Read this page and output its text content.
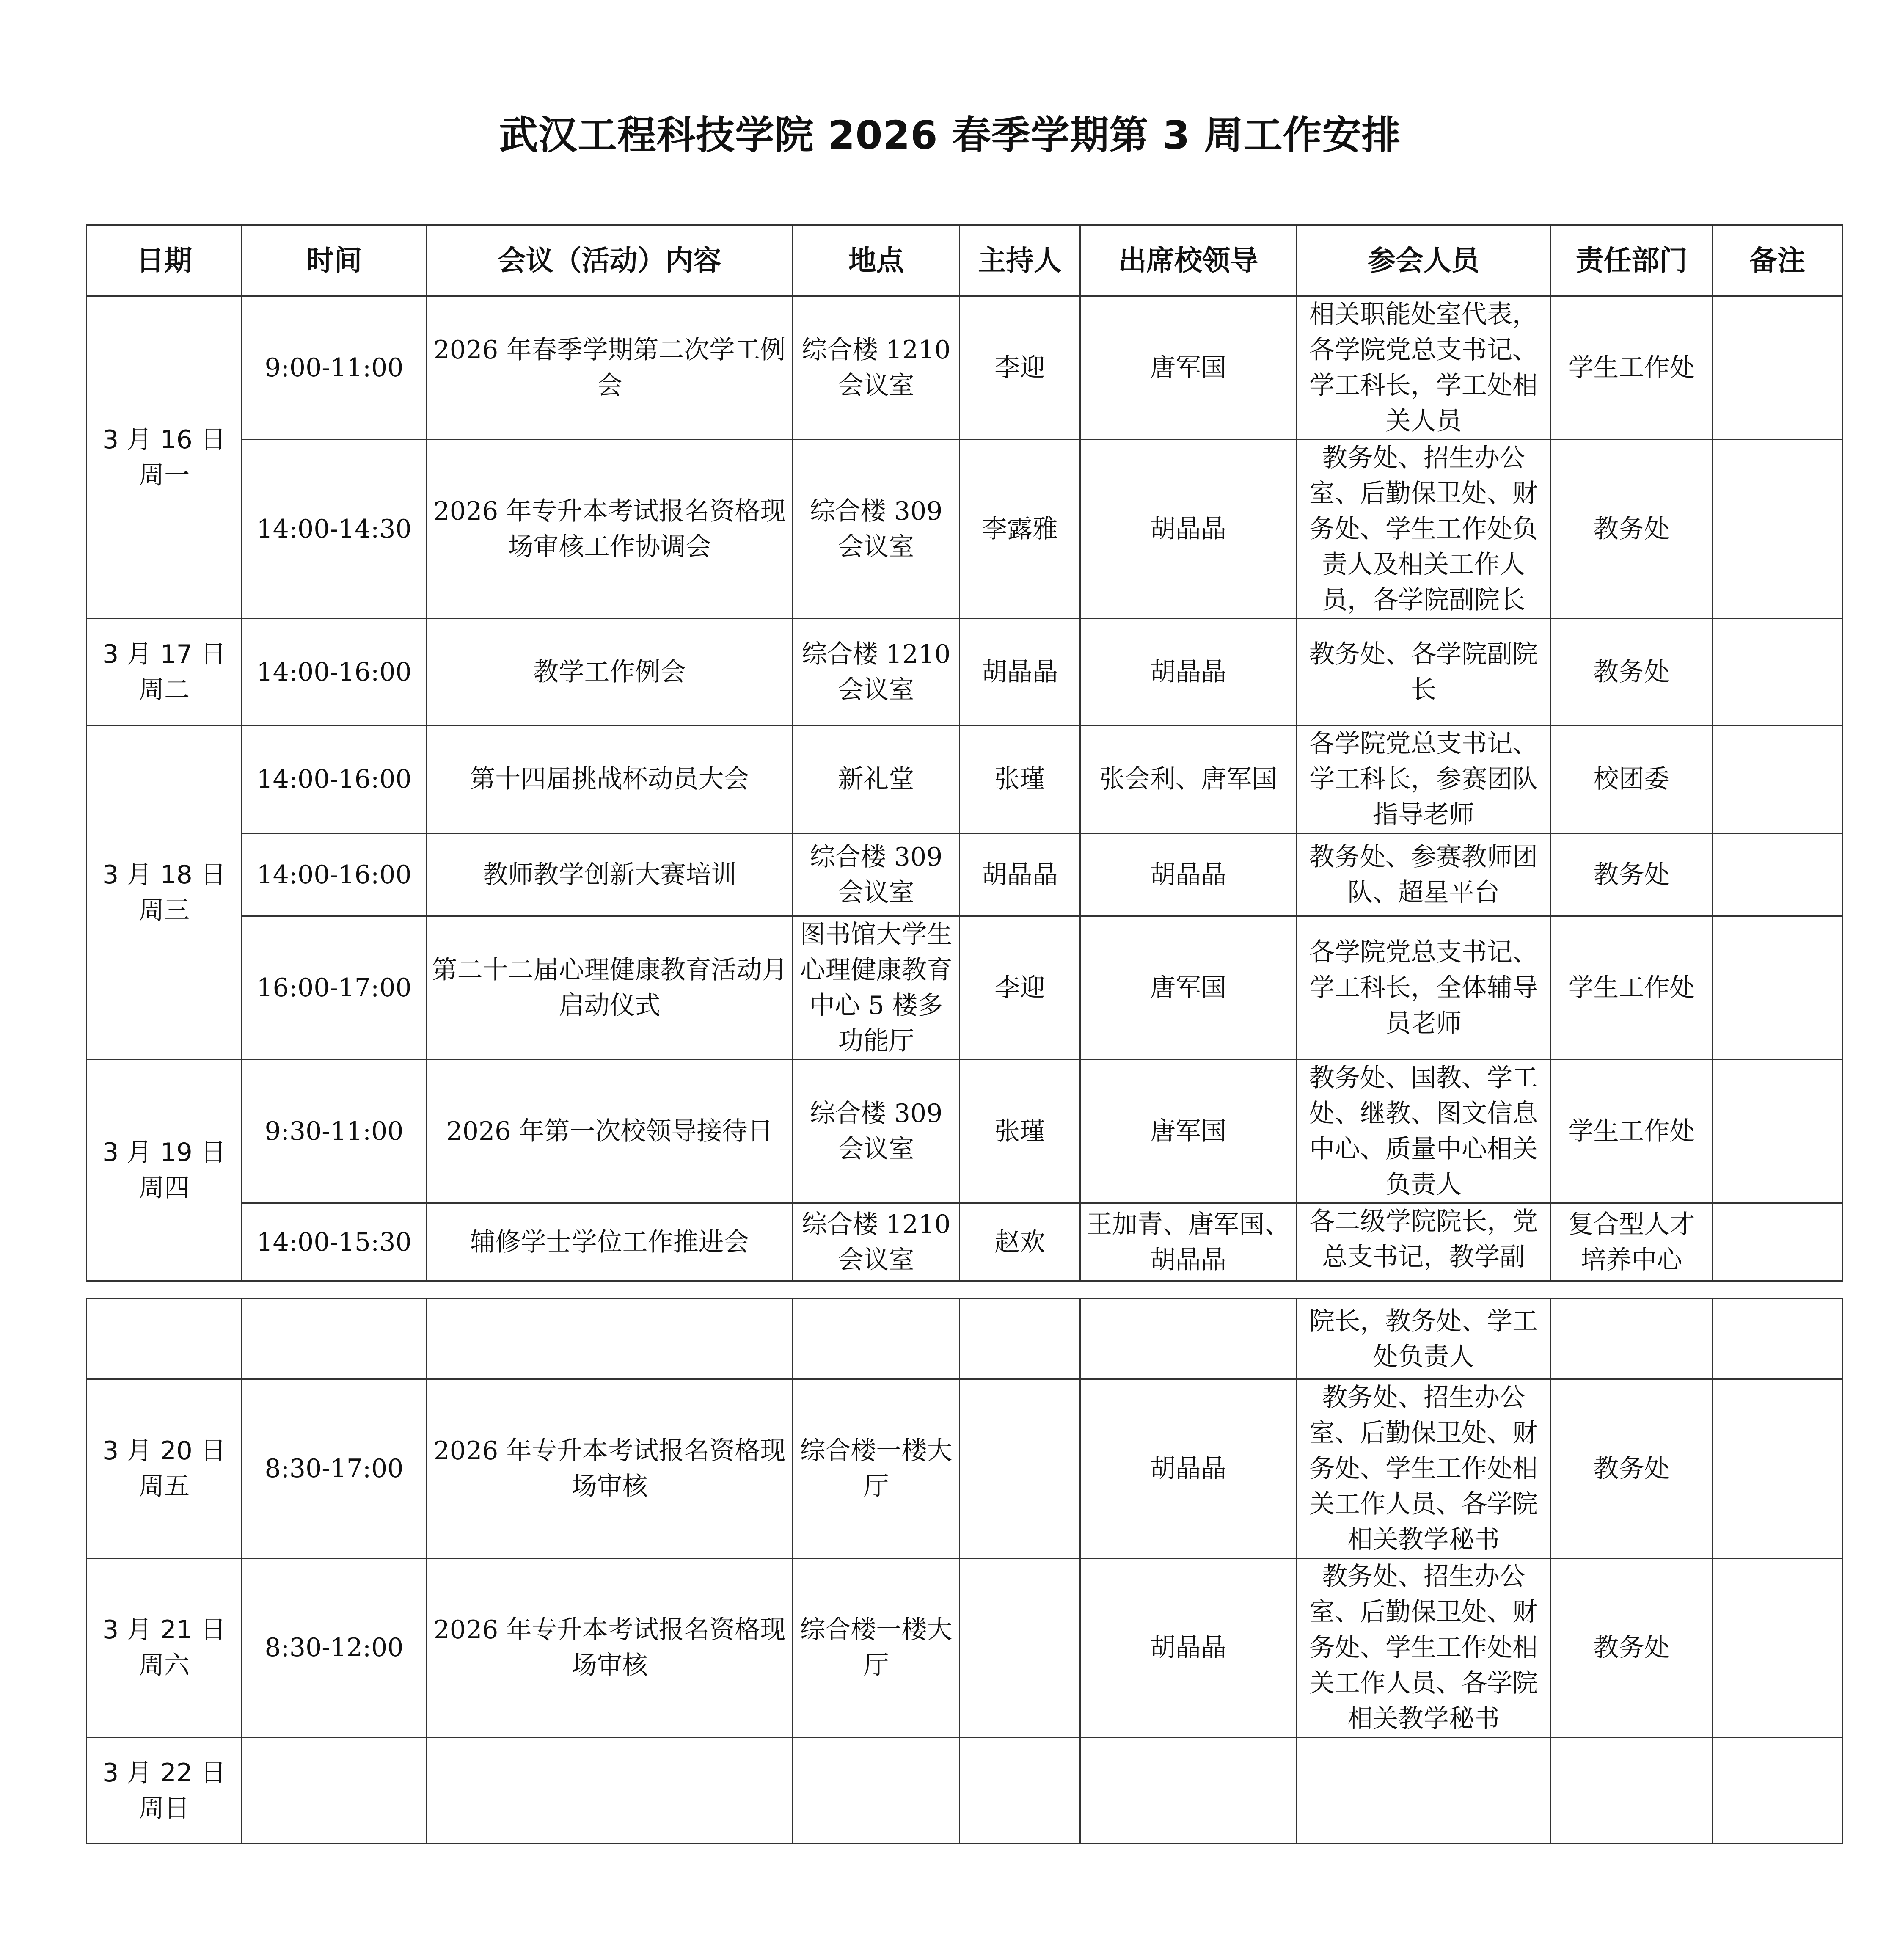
武汉工程科技学院 2026 春季学期第 3 周工作安排
日期	时间	会议（活动）内容	地点	主持人	出席校领导	参会人员	责任部门	备注

3 月 16 日
周一	9:00-11:00	2026 年春季学期第二次学工例会	综合楼 1210 会议室	李迎	唐军国	相关职能处室代表，各学院党总支书记、学工科长，学工处相关人员	学生工作处	
	14:00-14:30	2026 年专升本考试报名资格现场审核工作协调会	综合楼 309 会议室	李露雅	胡晶晶	教务处、招生办公室、后勤保卫处、财务处、学生工作处负责人及相关工作人员，各学院副院长	教务处	

3 月 17 日
周二	14:00-16:00	教学工作例会	综合楼 1210 会议室	胡晶晶	胡晶晶	教务处、各学院副院长	教务处	

3 月 18 日
周三	14:00-16:00	第十四届挑战杯动员大会	新礼堂	张瑾	张会利、唐军国	各学院党总支书记、学工科长，参赛团队指导老师	校团委	
	14:00-16:00	教师教学创新大赛培训	综合楼 309 会议室	胡晶晶	胡晶晶	教务处、参赛教师团队、超星平台	教务处	
	16:00-17:00	第二十二届心理健康教育活动月启动仪式	图书馆大学生心理健康教育中心 5 楼多功能厅	李迎	唐军国	各学院党总支书记、学工科长，全体辅导员老师	学生工作处	

3 月 19 日
周四	9:30-11:00	2026 年第一次校领导接待日	综合楼 309 会议室	张瑾	唐军国	教务处、国教、学工处、继教、图文信息中心、质量中心相关负责人	学生工作处	
	14:00-15:30	辅修学士学位工作推进会	综合楼 1210 会议室	赵欢	王加青、唐军国、胡晶晶	各二级学院院长，党总支书记，教学副	复合型人才培养中心	
						院长，教务处、学工处负责人		

3 月 20 日
周五	8:30-17:00	2026 年专升本考试报名资格现场审核	综合楼一楼大厅		胡晶晶	教务处、招生办公室、后勤保卫处、财务处、学生工作处相关工作人员、各学院相关教学秘书	教务处	

3 月 21 日
周六	8:30-12:00	2026 年专升本考试报名资格现场审核	综合楼一楼大厅		胡晶晶	教务处、招生办公室、后勤保卫处、财务处、学生工作处相关工作人员、各学院相关教学秘书	教务处	

3 月 22 日
周日								
